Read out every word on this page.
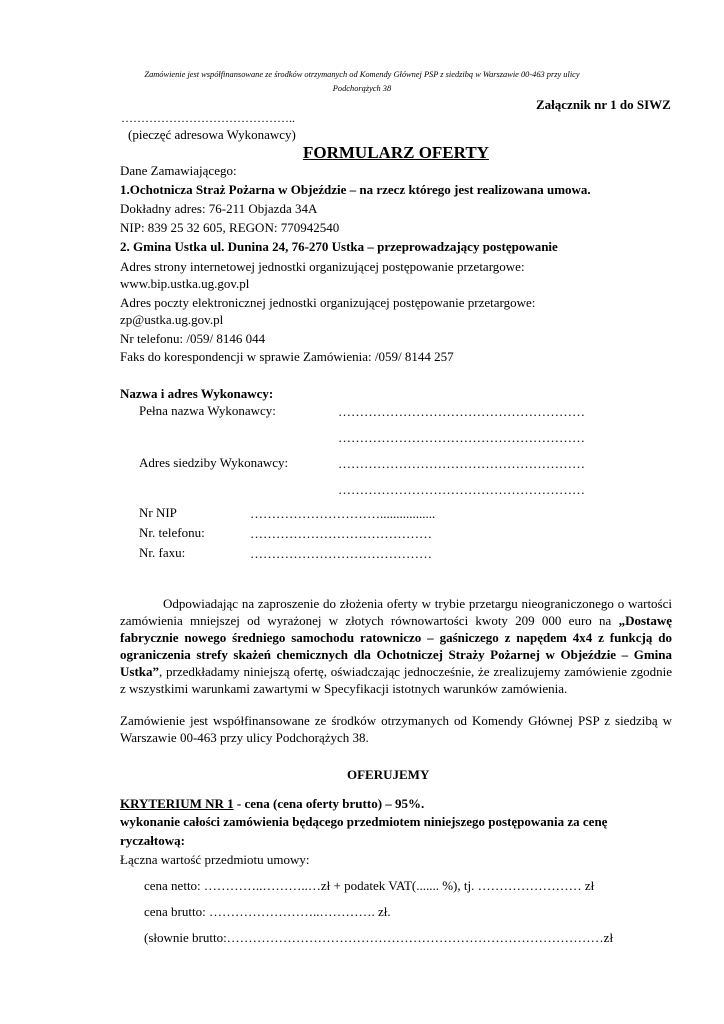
Zamówienie jest współfinansowane ze środków otrzymanych od Komendy Głównej PSP z siedzibą w Warszawie 00-463 przy ulicy Podchorążych 38
Załącznik nr 1 do SIWZ
……………………………………..
(pieczęć adresowa Wykonawcy)
FORMULARZ OFERTY
Dane Zamawiającego:
1.Ochotnicza Straż Pożarna w Objeździe – na rzecz którego jest realizowana umowa.
Dokładny adres: 76-211 Objazda 34A
NIP: 839 25 32 605, REGON: 770942540
2. Gmina Ustka ul. Dunina 24, 76-270 Ustka – przeprowadzający postępowanie
Adres strony internetowej jednostki organizującej postępowanie przetargowe:
www.bip.ustka.ug.gov.pl
Adres poczty elektronicznej jednostki organizującej postępowanie przetargowe:
zp@ustka.ug.gov.pl
Nr telefonu: /059/ 8146 044
Faks do korespondencji w sprawie Zamówienia: /059/ 8144 257
Nazwa i adres Wykonawcy:
Pełna nazwa Wykonawcy:	…………………………………………………
…………………………………………………
Adres siedziby Wykonawcy:	…………………………………………………
…………………………………………………
Nr NIP	………………………….................
Nr. telefonu:	……………………………………
Nr. faxu:	……………………………………
Odpowiadając na zaproszenie do złożenia oferty w trybie przetargu nieograniczonego o wartości zamówienia mniejszej od wyrażonej w złotych równowartości kwoty 209 000 euro na „Dostawę fabrycznie nowego średniego samochodu ratowniczo – gaśniczego z napędem 4x4 z funkcją do ograniczenia strefy skażeń chemicznych dla Ochotniczej Straży Pożarnej w Objeździe – Gmina Ustka”, przedkładamy niniejszą ofertę, oświadczając jednocześnie, że zrealizujemy zamówienie zgodnie z wszystkimi warunkami zawartymi w Specyfikacji istotnych warunków zamówienia.
Zamówienie jest współfinansowane ze środków otrzymanych od Komendy Głównej PSP z siedzibą w Warszawie 00-463 przy ulicy Podchorążych 38.
OFERUJEMY
KRYTERIUM NR 1 - cena (cena oferty brutto) – 95%.
wykonanie całości zamówienia będącego przedmiotem niniejszego postępowania za cenę
ryczałtową:
Łączna wartość przedmiotu umowy:
cena netto: …………..………..…zł + podatek VAT(....... %), tj. …………………… zł
cena brutto: ……………………..…………. zł.
(słownie brutto:……………………………………………………………………………zł
